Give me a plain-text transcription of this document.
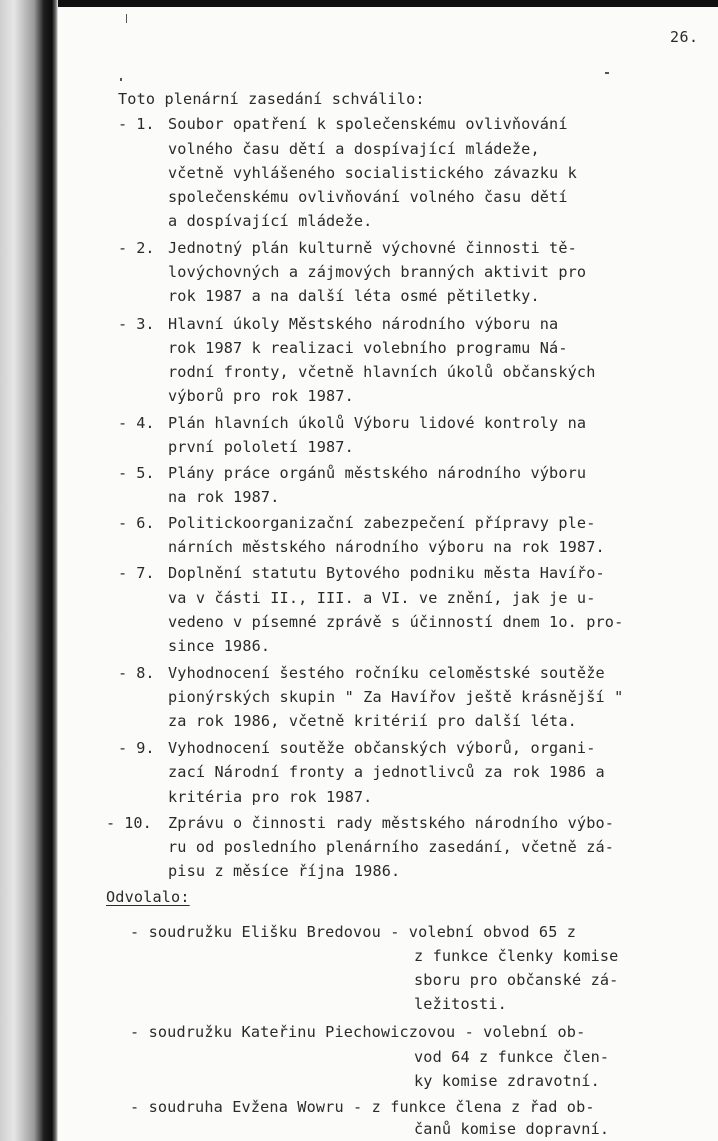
26.
Toto plenární zasedání schválilo:
- 1. Soubor opatření k společenskému ovlivňování
volného času dětí a dospívající mládeže,
včetně vyhlášeného socialistického závazku k
společenskému ovlivňování volného času dětí
a dospívající mládeže.
- 2. Jednotný plán kulturně výchovné činnosti tě-
lovýchovných a zájmových branných aktivit pro
rok 1987 a na další léta osmé pětiletky.
- 3. Hlavní úkoly Městského národního výboru na
rok 1987 k realizaci volebního programu Ná-
rodní fronty, včetně hlavních úkolů občanských
výborů pro rok 1987.
- 4. Plán hlavních úkolů Výboru lidové kontroly na
první pololetí 1987.
- 5. Plány práce orgánů městského národního výboru
na rok 1987.
- 6. Politickoorganizační zabezpečení přípravy ple-
nárních městského národního výboru na rok 1987.
- 7. Doplnění statutu Bytového podniku města Havířo-
va v části II., III. a VI. ve znění, jak je u-
vedeno v písemné zprávě s účinností dnem 1o. pro-
since 1986.
- 8. Vyhodnocení šestého ročníku celoměstské soutěže
pionýrských skupin " Za Havířov ještě krásnější "
za rok 1986, včetně kritérií pro další léta.
- 9. Vyhodnocení soutěže občanských výborů, organi-
zací Národní fronty a jednotlivců za rok 1986 a
kritéria pro rok 1987.
- 10. Zprávu o činnosti rady městského národního výbo-
ru od posledního plenárního zasedání, včetně zá-
pisu z měsíce října 1986.
Odvolalo:
- soudružku Elišku Bredovou - volební obvod 65 z
z funkce členky komise
sboru pro občanské zá-
ležitosti.
- soudružku Kateřinu Piechowiczovou - volební ob-
vod 64 z funkce člen-
ky komise zdravotní.
- soudruha Evžena Wowru - z funkce člena z řad ob-
čanů komise dopravní.
